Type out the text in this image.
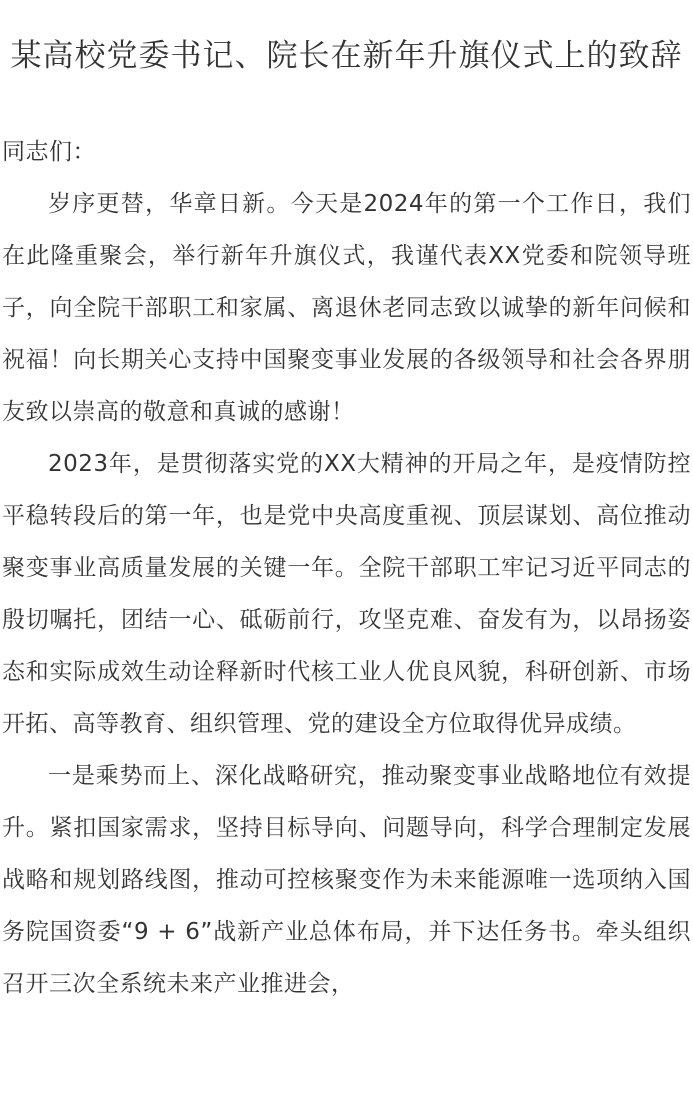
某高校党委书记、院长在新年升旗仪式上的致辞

同志们：

岁序更替，华章日新。今天是2024年的第一个工作日，我们在此隆重聚会，举行新年升旗仪式，我谨代表XX党委和院领导班子，向全院干部职工和家属、离退休老同志致以诚挚的新年问候和祝福！向长期关心支持中国聚变事业发展的各级领导和社会各界朋友致以崇高的敬意和真诚的感谢！

2023年，是贯彻落实党的XX大精神的开局之年，是疫情防控平稳转段后的第一年，也是党中央高度重视、顶层谋划、高位推动聚变事业高质量发展的关键一年。全院干部职工牢记习近平同志的殷切嘱托，团结一心、砥砺前行，攻坚克难、奋发有为，以昂扬姿态和实际成效生动诠释新时代核工业人优良风貌，科研创新、市场开拓、高等教育、组织管理、党的建设全方位取得优异成绩。

一是乘势而上、深化战略研究，推动聚变事业战略地位有效提升。紧扣国家需求，坚持目标导向、问题导向，科学合理制定发展战略和规划路线图，推动可控核聚变作为未来能源唯一选项纳入国务院国资委“9 + 6”战新产业总体布局，并下达任务书。牵头组织召开三次全系统未来产业推进会，
